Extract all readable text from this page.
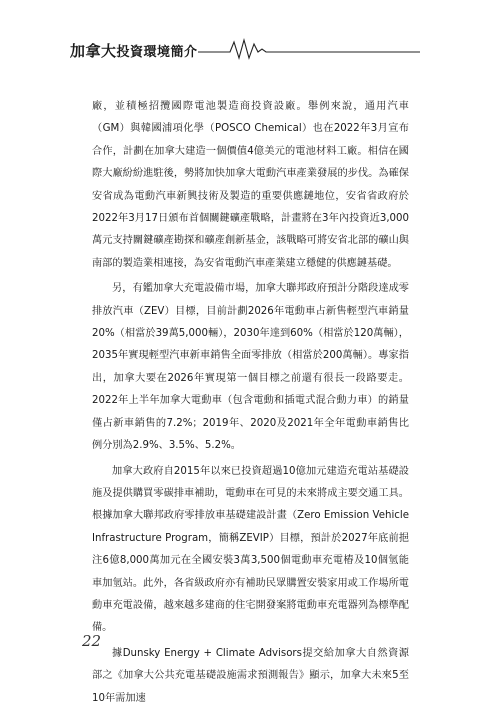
加拿大投資環境簡介

廠，並積極招攬國際電池製造商投資設廠。舉例來說，通用汽車（GM）與韓國浦項化學（POSCO Chemical）也在2022年3月宣布合作，計劃在加拿大建造一個價值4億美元的電池材料工廠。相信在國際大廠紛紛進駐後，勢將加快加拿大電動汽車產業發展的步伐。為確保安省成為電動汽車新興技術及製造的重要供應鏈地位，安省省政府於2022年3月17日頒布首個關鍵礦產戰略，計畫將在3年內投資近3,000萬元支持關鍵礦產勘探和礦產創新基金，該戰略可將安省北部的礦山與南部的製造業相連接，為安省電動汽車產業建立穩健的供應鏈基礎。

另，有鑑加拿大充電設備市場，加拿大聯邦政府預計分階段達成零排放汽車（ZEV）目標，目前計劃2026年電動車占新售輕型汽車銷量20%（相當於39萬5,000輛），2030年達到60%（相當於120萬輛），2035年實現輕型汽車新車銷售全面零排放（相當於200萬輛）。專家指出，加拿大要在2026年實現第一個目標之前還有很長一段路要走。2022年上半年加拿大電動車（包含電動和插電式混合動力車）的銷量僅占新車銷售的7.2%；2019年、2020及2021年全年電動車銷售比例分別為2.9%、3.5%、5.2%。

加拿大政府自2015年以來已投資超過10億加元建造充電站基礎設施及提供購買零碳排車補助，電動車在可見的未來將成主要交通工具。根據加拿大聯邦政府零排放車基礎建設計畫（Zero Emission Vehicle Infrastructure Program，簡稱ZEVIP）目標，預計於2027年底前挹注6億8,000萬加元在全國安裝3萬3,500個電動車充電樁及10個氫能車加氫站。此外，各省級政府亦有補助民眾購置安裝家用或工作場所電動車充電設備，越來越多建商的住宅開發案將電動車充電器列為標準配備。

據Dunsky Energy + Climate Advisors提交給加拿大自然資源部之《加拿大公共充電基礎設施需求預測報告》顯示，加拿大未來5至10年需加速

22
